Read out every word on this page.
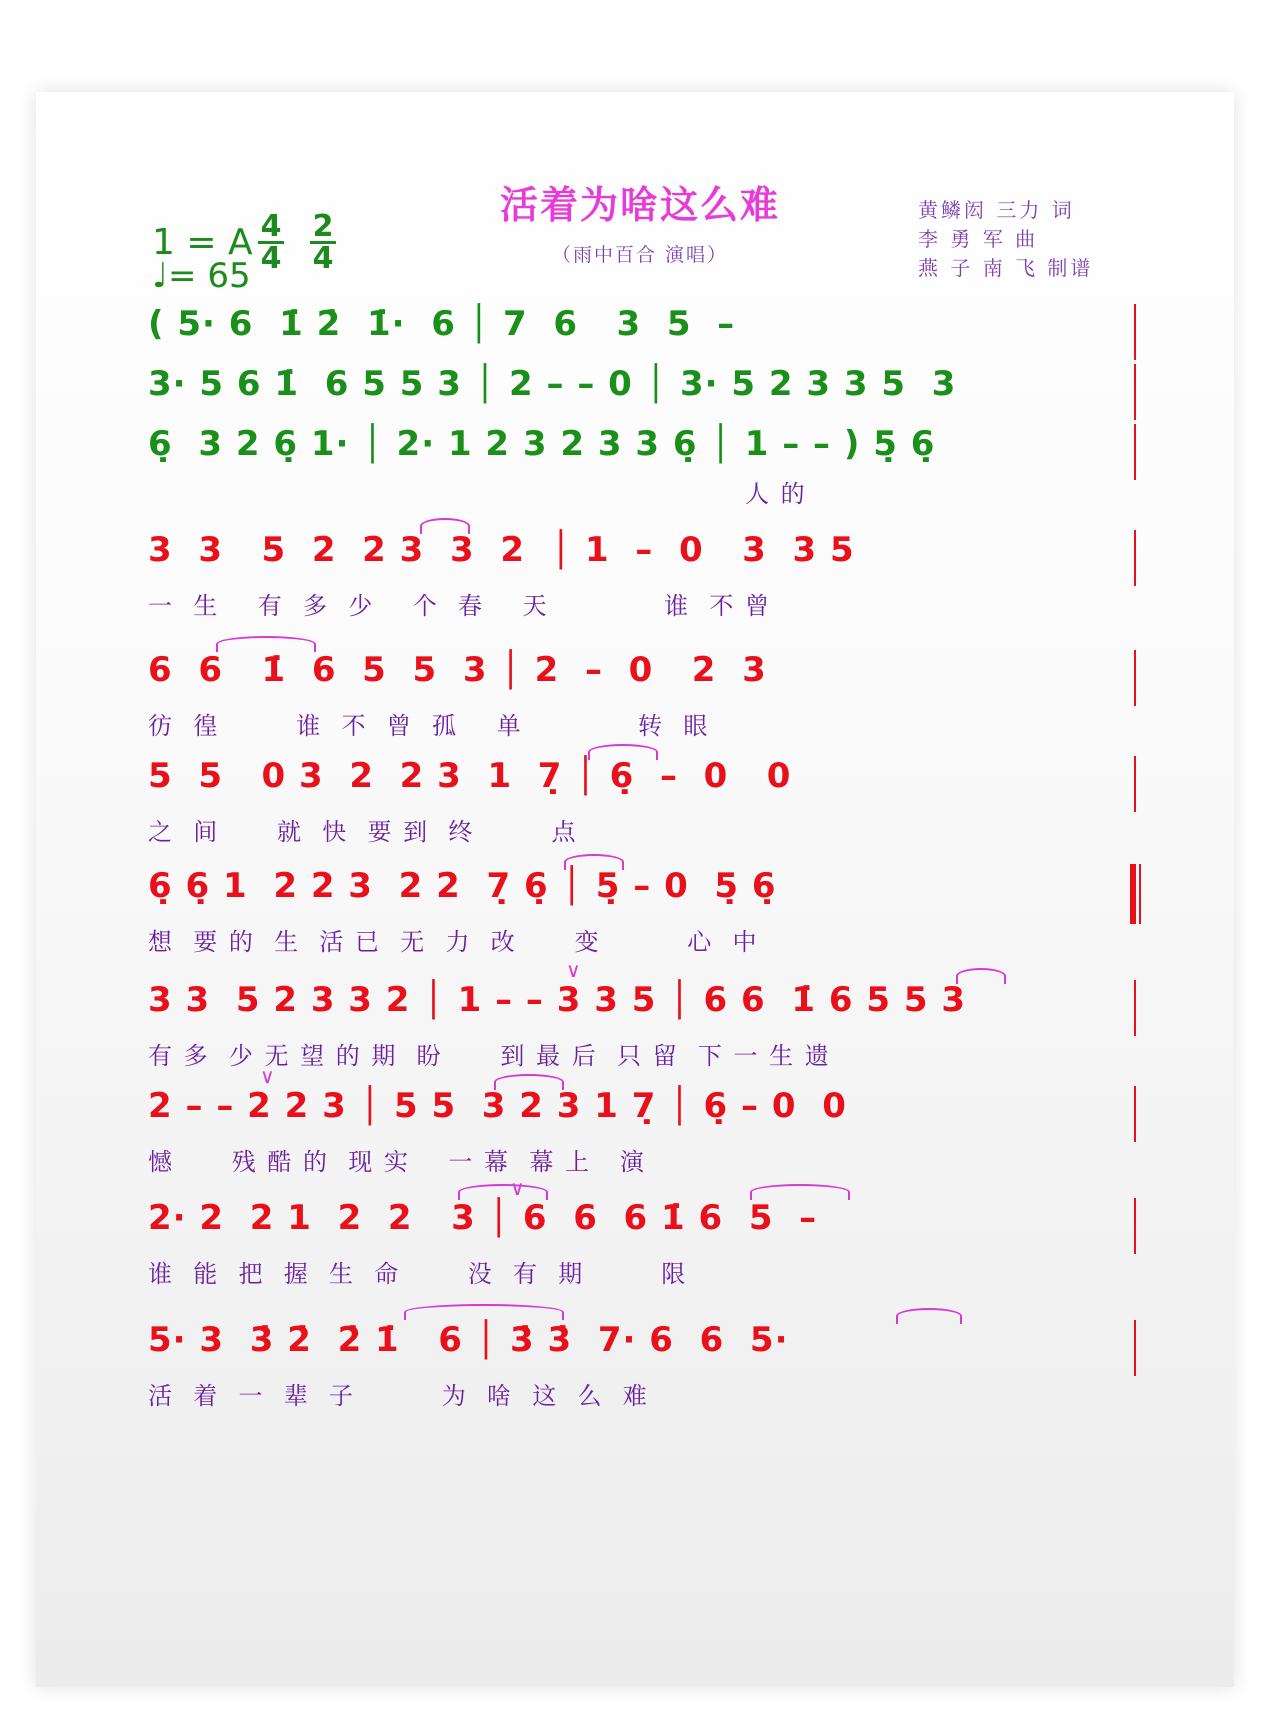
活着为啥这么难
（雨中百合 演唱）
黄鳞闳 三力 词
李 勇 军 曲
燕 子 南 飞 制谱
1 = A
♩= 65
4
4
2
4
( 5· 6  1̇ 2̇  1̇·  6 │ 7  6   3  5  –
3· 5 6 1̇  6 5 5 3 │ 2 – – 0 │ 3· 5 2 3 3 5  3
6̣  3 2 6̣ 1· │ 2· 1 2 3 2 3 3 6̣ │ 1 – – ) 5̣ 6̣
人 的
3  3   5  2  2 3  3  2  │ 1  –  0   3  3 5
一  生    有  多  少    个  春    天            谁  不 曾
6  6   1̇  6  5  5  3 │ 2  –  0   2  3
彷  徨        谁  不  曾  孤    单            转  眼
5  5   0 3  2  2 3  1  7̣ │ 6̣  –  0   0
之  间      就  快  要 到  终        点
6̣ 6̣ 1  2 2 3  2 2  7̣ 6̣ │ 5̣ – 0  5̣ 6̣
想  要 的  生  活 已  无  力  改      变         心  中
∨
3 3  5 2 3 3 2 │ 1 – – 3 3 5 │ 6 6  1̇ 6 5 5 3
有 多  少 无 望 的 期  盼      到 最 后  只 留  下 一 生 遗
∨
2 – – 2 2 3 │ 5 5  3 2 3 1 7̣ │ 6̣ – 0  0
憾      残 酷 的  现 实    一 幕  幕 上   演
∨
2· 2  2 1  2  2   3 │ 6  6  6 1̇ 6  5  –
谁  能  把  握  生  命       没  有  期        限
5· 3  3̇ 2̇  2̇ 1̇   6 │ 3̇ 3̇  7· 6  6  5·
活  着  一  辈  子         为  啥  这  么  难
